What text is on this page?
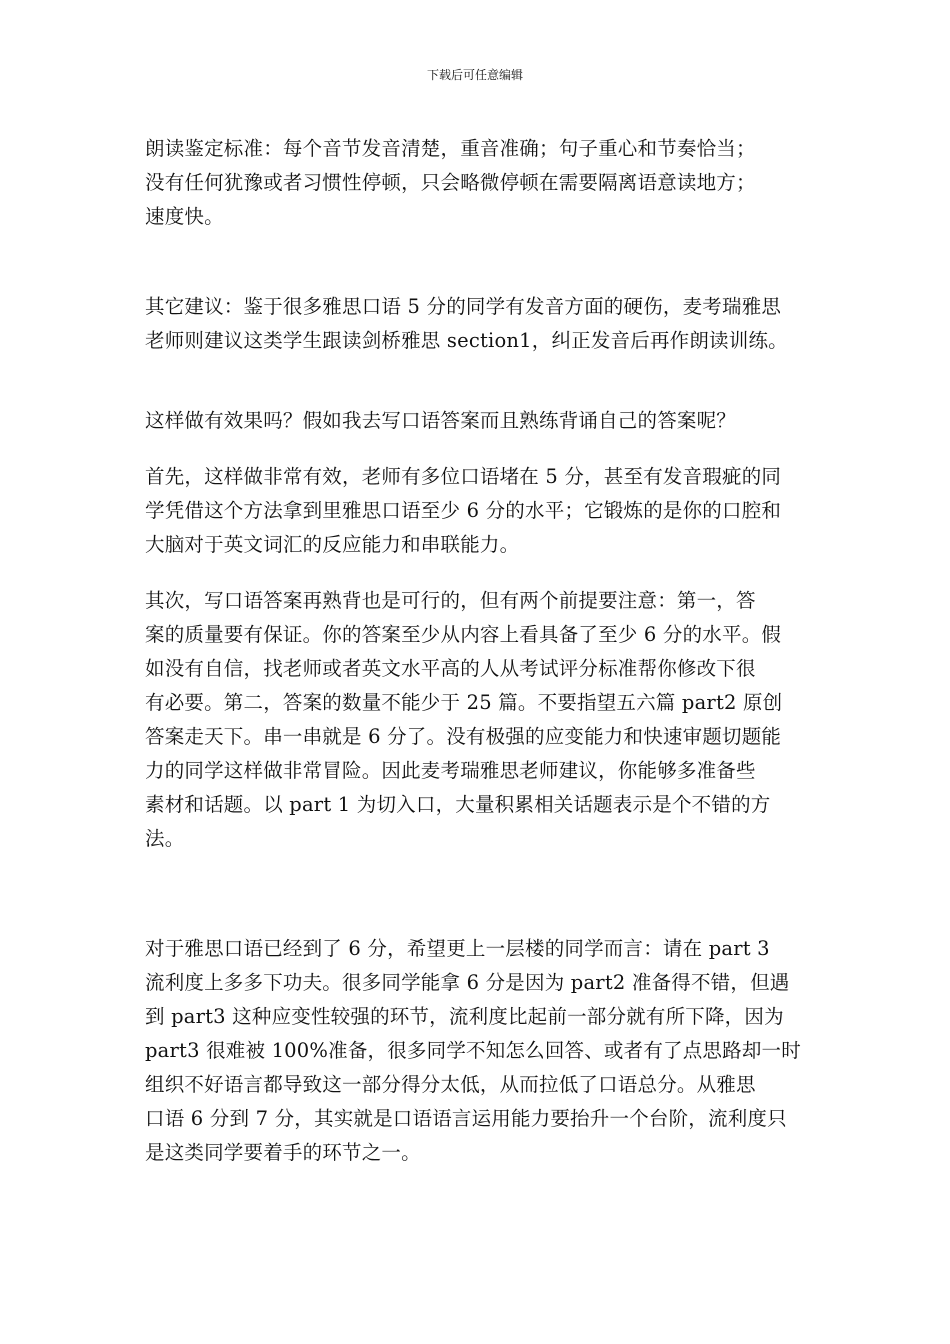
下载后可任意编辑

朗读鉴定标准：每个音节发音清楚，重音准确；句子重心和节奏恰当；
没有任何犹豫或者习惯性停顿，只会略微停顿在需要隔离语意读地方；
速度快。

其它建议：鉴于很多雅思口语 5 分的同学有发音方面的硬伤，麦考瑞雅思
老师则建议这类学生跟读剑桥雅思 section1，纠正发音后再作朗读训练。

这样做有效果吗？假如我去写口语答案而且熟练背诵自己的答案呢？

首先，这样做非常有效，老师有多位口语堵在 5 分，甚至有发音瑕疵的同
学凭借这个方法拿到里雅思口语至少 6 分的水平；它锻炼的是你的口腔和
大脑对于英文词汇的反应能力和串联能力。

其次，写口语答案再熟背也是可行的，但有两个前提要注意：第一，答
案的质量要有保证。你的答案至少从内容上看具备了至少 6 分的水平。假
如没有自信，找老师或者英文水平高的人从考试评分标准帮你修改下很
有必要。第二，答案的数量不能少于 25 篇。不要指望五六篇 part2 原创
答案走天下。串一串就是 6 分了。没有极强的应变能力和快速审题切题能
力的同学这样做非常冒险。因此麦考瑞雅思老师建议，你能够多准备些
素材和话题。以 part 1 为切入口，大量积累相关话题表示是个不错的方
法。

对于雅思口语已经到了 6 分，希望更上一层楼的同学而言：请在 part 3
流利度上多多下功夫。很多同学能拿 6 分是因为 part2 准备得不错，但遇
到 part3 这种应变性较强的环节，流利度比起前一部分就有所下降，因为
part3 很难被 100%准备，很多同学不知怎么回答、或者有了点思路却一时
组织不好语言都导致这一部分得分太低，从而拉低了口语总分。从雅思
口语 6 分到 7 分，其实就是口语语言运用能力要抬升一个台阶，流利度只
是这类同学要着手的环节之一。
